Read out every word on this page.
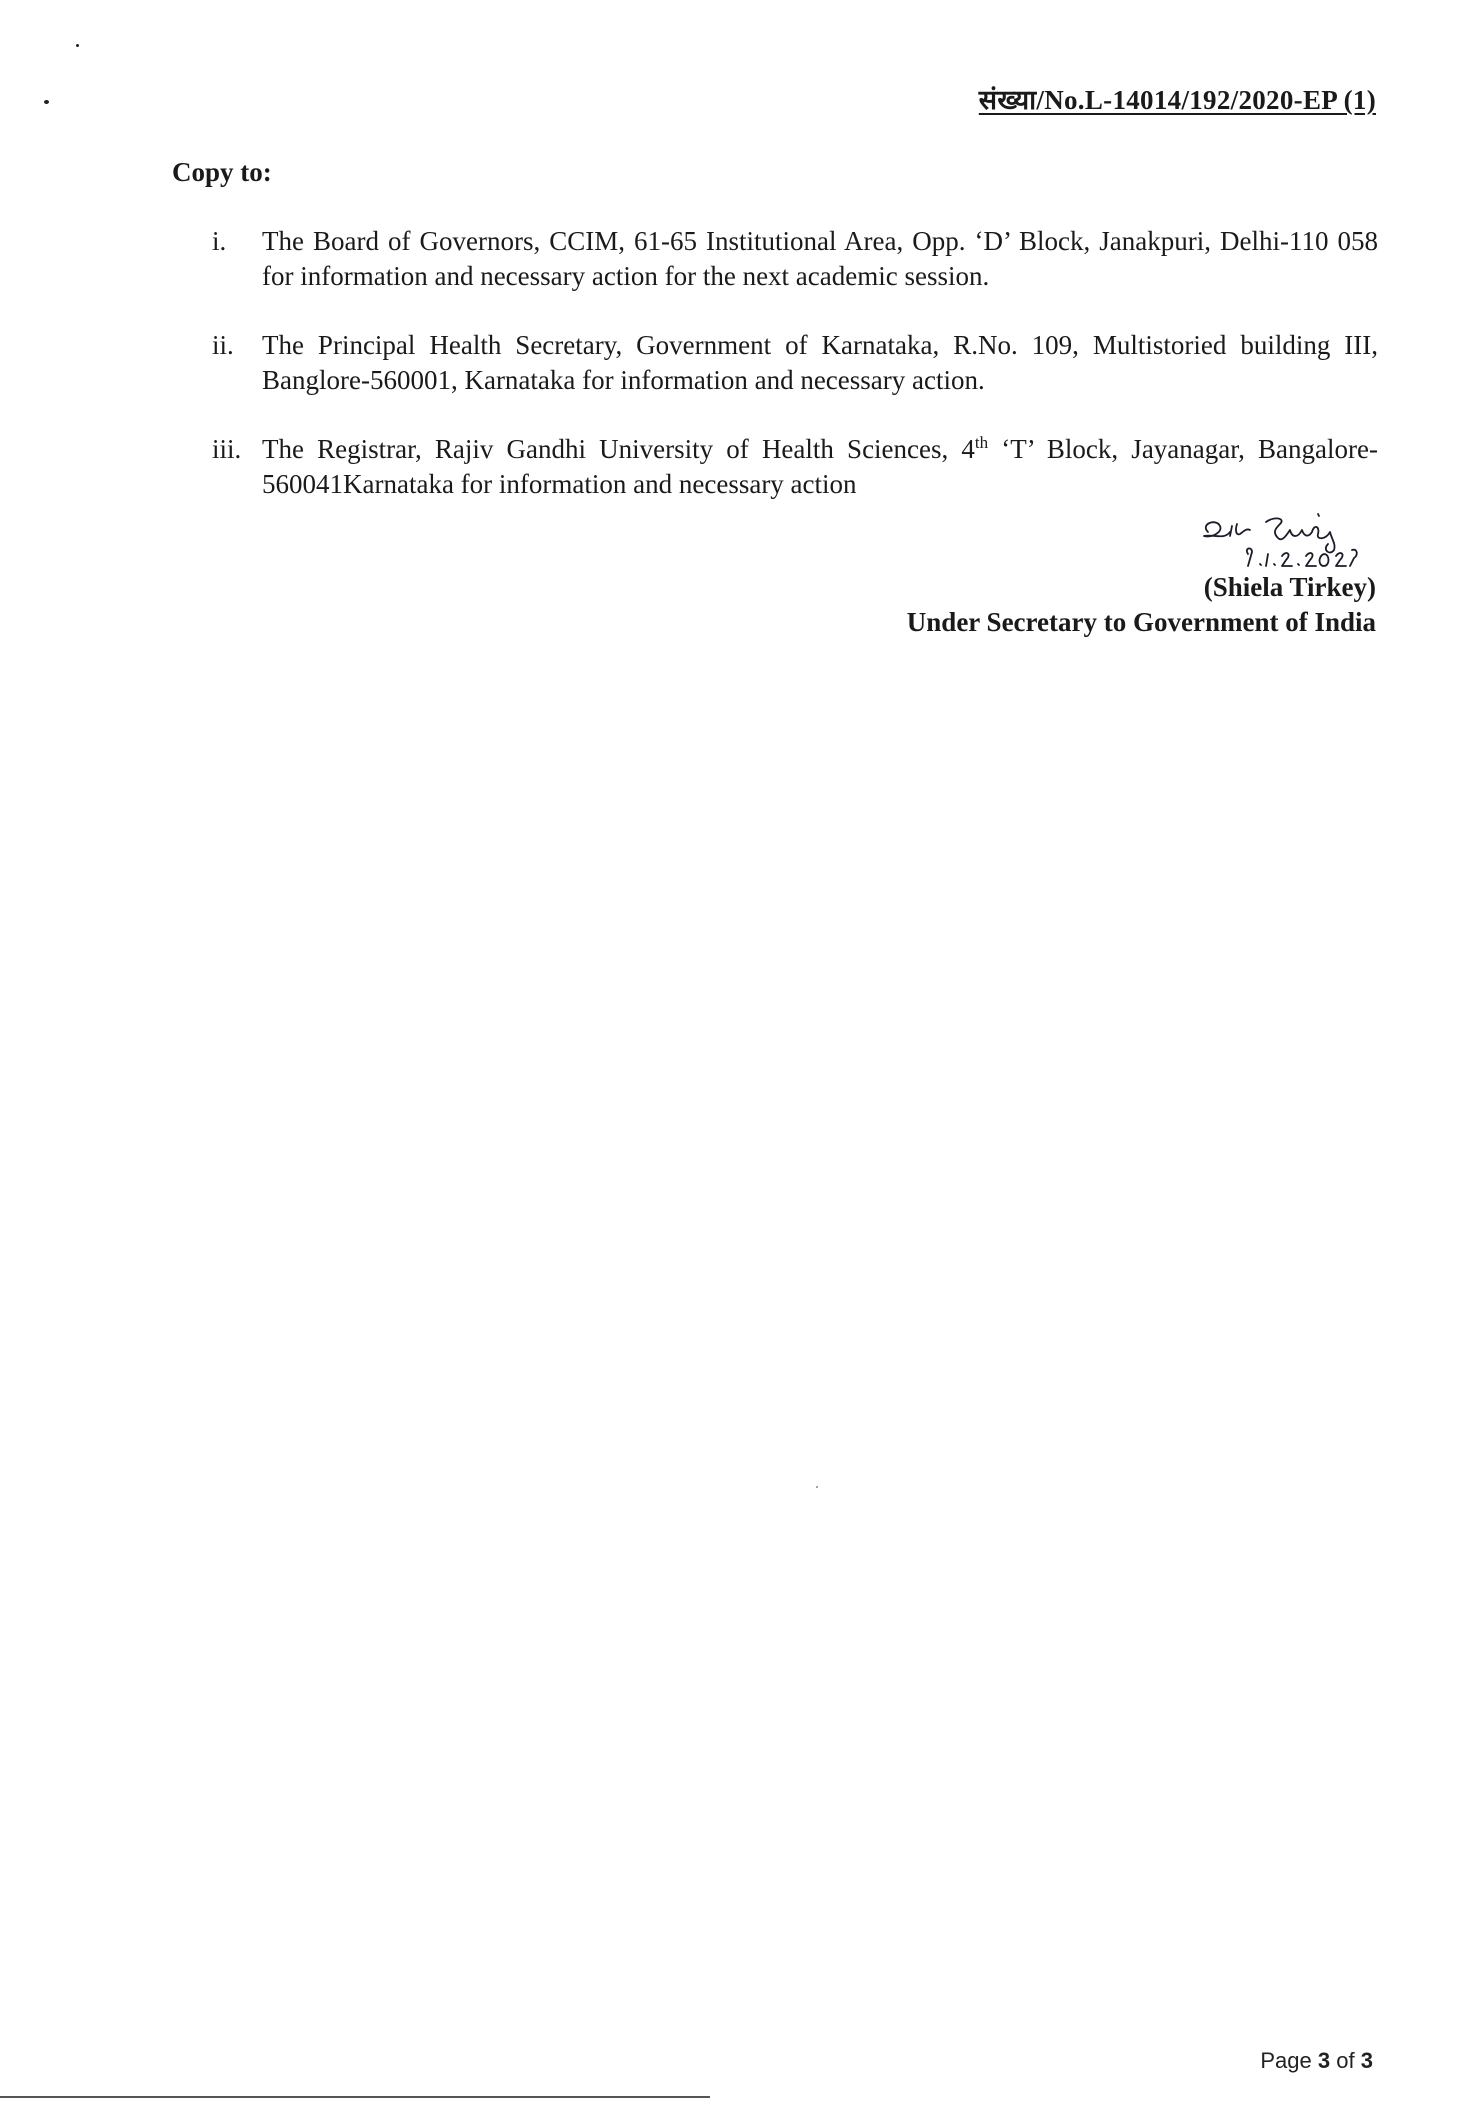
संख्या/No.L-14014/192/2020-EP (1)
Copy to:
i. The Board of Governors, CCIM, 61-65 Institutional Area, Opp. ‘D’ Block, Janakpuri, Delhi-110 058 for information and necessary action for the next academic session.
ii. The Principal Health Secretary, Government of Karnataka, R.No. 109, Multistoried building III, Banglore-560001, Karnataka for information and necessary action.
iii. The Registrar, Rajiv Gandhi University of Health Sciences, 4th ‘T’ Block, Jayanagar, Bangalore-560041Karnataka for information and necessary action
(Shiela Tirkey)
Under Secretary to Government of India
Page 3 of 3
